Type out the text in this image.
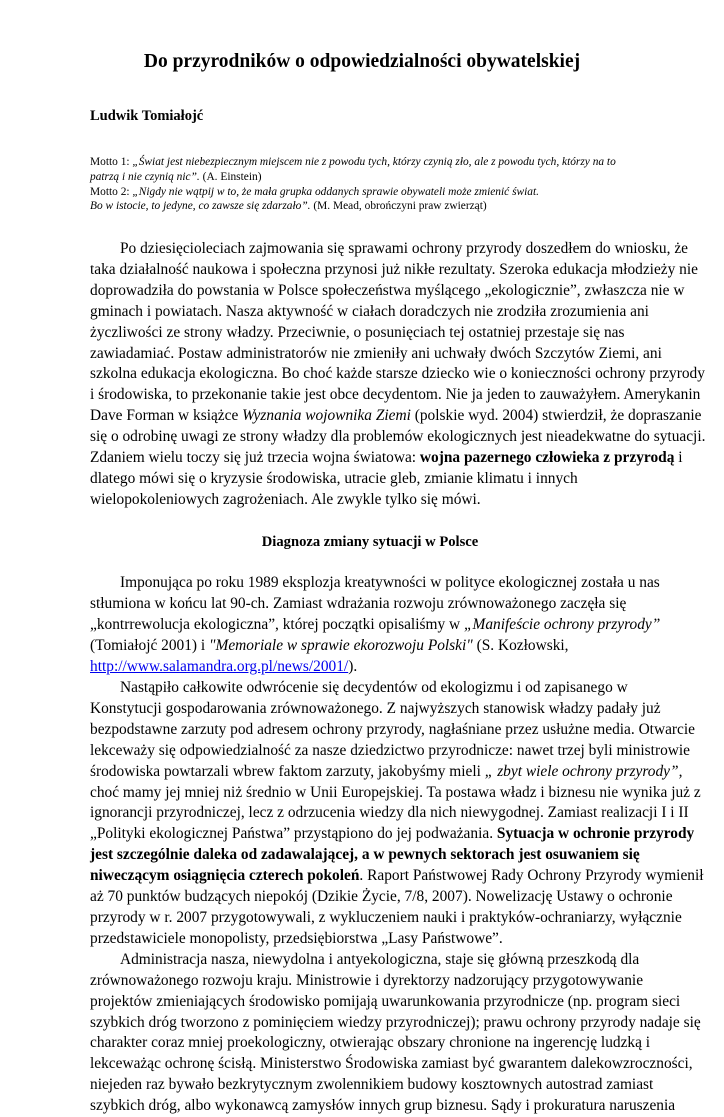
Do przyrodników o odpowiedzialności obywatelskiej

Ludwik Tomiałojć

Motto 1: „Świat jest niebezpiecznym miejscem nie z powodu tych, którzy czynią zło, ale z powodu tych, którzy na to
patrzą i nie czynią nic”. (A. Einstein)
Motto 2: „Nigdy nie wątpij w to, że mała grupka oddanych sprawie obywateli może zmienić świat.
Bo w istocie, to jedyne, co zawsze się zdarzało”. (M. Mead, obrończyni praw zwierząt)
Po dziesięcioleciach zajmowania się sprawami ochrony przyrody doszedłem do wniosku, że
taka działalność naukowa i społeczna przynosi już nikłe rezultaty. Szeroka edukacja młodzieży nie
doprowadziła do powstania w Polsce społeczeństwa myślącego „ekologicznie”, zwłaszcza nie w
gminach i powiatach. Nasza aktywność w ciałach doradczych nie zrodziła zrozumienia ani
życzliwości ze strony władzy. Przeciwnie, o posunięciach tej ostatniej przestaje się nas
zawiadamiać. Postaw administratorów nie zmieniły ani uchwały dwóch Szczytów Ziemi, ani
szkolna edukacja ekologiczna. Bo choć każde starsze dziecko wie o konieczności ochrony przyrody
i środowiska, to przekonanie takie jest obce decydentom. Nie ja jeden to zauważyłem. Amerykanin
Dave Forman w książce Wyznania wojownika Ziemi (polskie wyd. 2004) stwierdził, że dopraszanie
się o odrobinę uwagi ze strony władzy dla problemów ekologicznych jest nieadekwatne do sytuacji.
Zdaniem wielu toczy się już trzecia wojna światowa: wojna pazernego człowieka z przyrodą i
dlatego mówi się o kryzysie środowiska, utracie gleb, zmianie klimatu i innych
wielopokoleniowych zagrożeniach. Ale zwykle tylko się mówi.
Diagnoza zmiany sytuacji w Polsce
Imponująca po roku 1989 eksplozja kreatywności w polityce ekologicznej została u nas
stłumiona w końcu lat 90-ch. Zamiast wdrażania rozwoju zrównoważonego zaczęła się
„kontrrewolucja ekologiczna”, której początki opisaliśmy w „Manifeście ochrony przyrody”
(Tomiałojć 2001) i "Memoriale w sprawie ekorozwoju Polski" (S. Kozłowski,
http://www.salamandra.org.pl/news/2001/).
Nastąpiło całkowite odwrócenie się decydentów od ekologizmu i od zapisanego w
Konstytucji gospodarowania zrównoważonego. Z najwyższych stanowisk władzy padały już
bezpodstawne zarzuty pod adresem ochrony przyrody, nagłaśniane przez usłużne media. Otwarcie
lekceważy się odpowiedzialność za nasze dziedzictwo przyrodnicze: nawet trzej byli ministrowie
środowiska powtarzali wbrew faktom zarzuty, jakobyśmy mieli „ zbyt wiele ochrony przyrody”,
choć mamy jej mniej niż średnio w Unii Europejskiej. Ta postawa władz i biznesu nie wynika już z
ignorancji przyrodniczej, lecz z odrzucenia wiedzy dla nich niewygodnej. Zamiast realizacji I i II
„Polityki ekologicznej Państwa” przystąpiono do jej podważania. Sytuacja w ochronie przyrody
jest szczególnie daleka od zadawalającej, a w pewnych sektorach jest osuwaniem się
niweczącym osiągnięcia czterech pokoleń. Raport Państwowej Rady Ochrony Przyrody wymienił
aż 70 punktów budzących niepokój (Dzikie Życie, 7/8, 2007). Nowelizację Ustawy o ochronie
przyrody w r. 2007 przygotowywali, z wykluczeniem nauki i praktyków-ochraniarzy, wyłącznie
przedstawiciele monopolisty, przedsiębiorstwa „Lasy Państwowe”.
Administracja nasza, niewydolna i antyekologiczna, staje się główną przeszkodą dla
zrównoważonego rozwoju kraju. Ministrowie i dyrektorzy nadzorujący przygotowywanie
projektów zmieniających środowisko pomijają uwarunkowania przyrodnicze (np. program sieci
szybkich dróg tworzono z pominięciem wiedzy przyrodniczej); prawu ochrony przyrody nadaje się
charakter coraz mniej proekologiczny, otwierając obszary chronione na ingerencję ludzką i
lekceważąc ochronę ścisłą. Ministerstwo Środowiska zamiast być gwarantem dalekowzroczności,
niejeden raz bywało bezkrytycznym zwolennikiem budowy kosztownych autostrad zamiast
szybkich dróg, albo wykonawcą zamysłów innych grup biznesu. Sądy i prokuratura naruszenia
